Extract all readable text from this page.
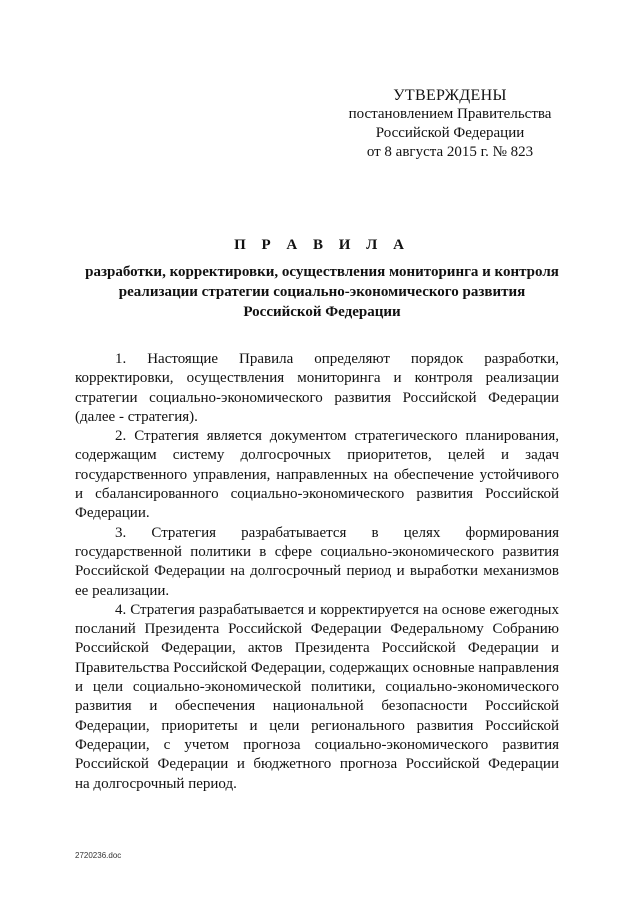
УТВЕРЖДЕНЫ
постановлением Правительства
Российской Федерации
от 8 августа 2015 г. № 823
П Р А В И Л А
разработки, корректировки, осуществления мониторинга и контроля
реализации стратегии социально-экономического развития
Российской Федерации
1. Настоящие Правила определяют порядок разработки,
корректировки, осуществления мониторинга и контроля реализации
стратегии социально-экономического развития Российской Федерации
(далее - стратегия).
2. Стратегия является документом стратегического планирования,
содержащим систему долгосрочных приоритетов, целей и задач
государственного управления, направленных на обеспечение устойчивого
и сбалансированного социально-экономического развития Российской
Федерации.
3. Стратегия разрабатывается в целях формирования
государственной политики в сфере социально-экономического развития
Российской Федерации на долгосрочный период и выработки механизмов
ее реализации.
4. Стратегия разрабатывается и корректируется на основе ежегодных
посланий Президента Российской Федерации Федеральному Собранию
Российской Федерации, актов Президента Российской Федерации и
Правительства Российской Федерации, содержащих основные направления
и цели социально-экономической политики, социально-экономического
развития и обеспечения национальной безопасности Российской
Федерации, приоритеты и цели регионального развития Российской
Федерации, с учетом прогноза социально-экономического развития
Российской Федерации и бюджетного прогноза Российской Федерации
на долгосрочный период.
2720236.doc
